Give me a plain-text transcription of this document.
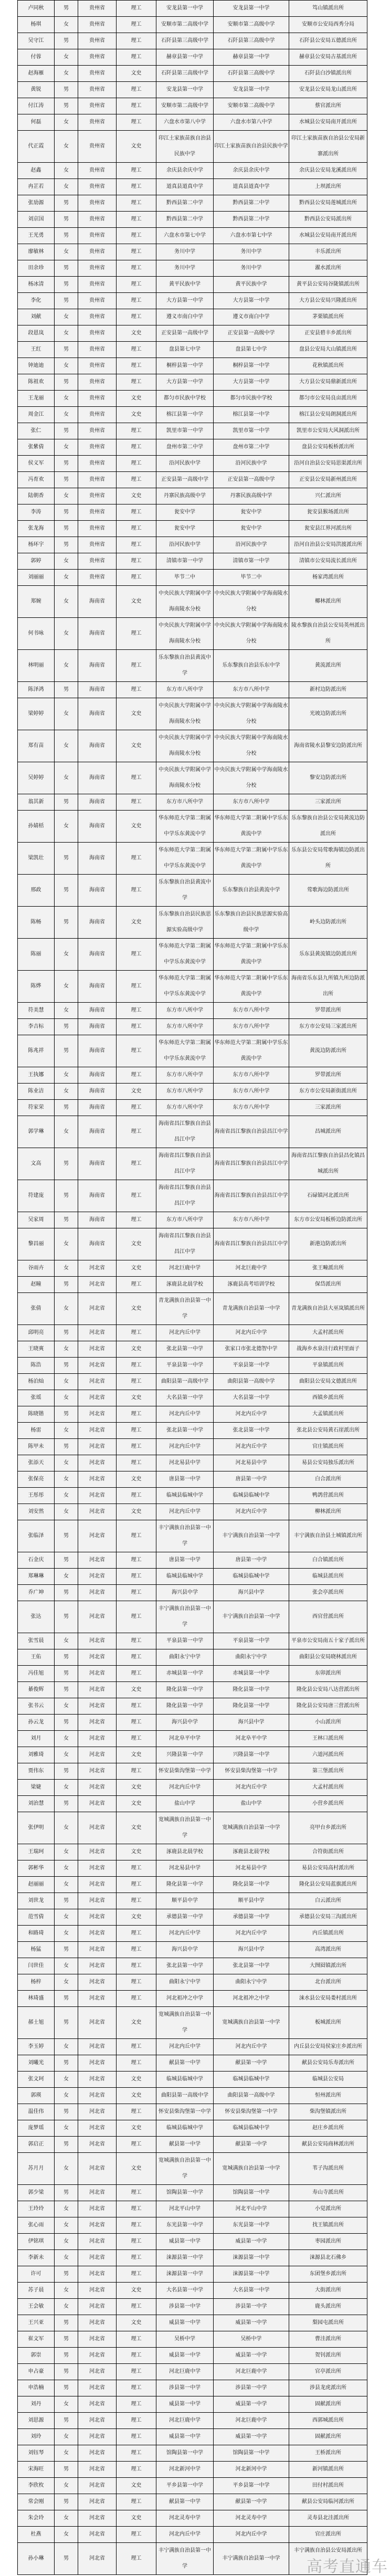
卢同秋	男	贵州省	理工	安龙县第一中学	安龙县第一中学	笃山镇派出所
杨琪	女	贵州省	理工	安顺市第二高级中学	安顺市第二高级中学	安顺市公安局西秀分局
吴守江	男	贵州省	理工	石阡县第三高级中学	石阡县第三高级中学	石阡县公安局五德派出所
付蓉	女	贵州省	理工	赫章县第一中学	赫章县第一中学	赫章县公安局古基派出所
赵海雁	女	贵州省	文史	石阡县第三高级中学	石阡县第三高级中学	石阡县白沙镇派出所
黄锐	男	贵州省	理工	安龙县第一中学	安龙县第一中学	安龙县公安局龙山派出所
付江涛	男	贵州省	理工	安顺市第二高级中学	安顺市第二高级中学	蔡官派出所
何磊	女	贵州省	理工	六盘水市第八中学	六盘水市第八中学	水城县公安局南开派出所
代正霞	女	贵州省	文史	印江土家族苗族自治县民族中学	印江土家族苗族自治县民族中学	印江土家族苗族自治县公安局新寨派出所
赵鑫	女	贵州省	理工	余庆县余庆中学	余庆县余庆中学	余庆县公安局龙溪派出所
冉芷若	女	贵州省	理工	道真县道真中学	道真县道真中学	上坝派出所
张劢源	男	贵州省	理工	黔西县第二中学	黔西县第二中学	黔西县公安局莲城派出所
刘京国	男	贵州省	理工	黔西县第二中学	黔西县第二中学	黔西县公安局派出所
王光勇	男	贵州省	理工	六盘水市第七中学	六盘水市第七中学	水城县公安局南开派出所
廖敏林	女	贵州省	理工	务川中学	务川中学	丰乐派出所
田余珍	男	贵州省	理工	务川中学	务川中学	濯水派出所
杨冰清	男	贵州省	理工	黄平民族中学	黄平民族中学	黄平县公安局谷陇镇派出所
李化	男	贵州省	理工	大方县第一中学	大方县第一中学	大方县公安局兴隆派出所
刘献	女	贵州省	理工	遵义市南白中学	遵义市南白中学	茅栗镇派出所
段恩岚	女	贵州省	文史	正安县第一高级中学	正安县第一高级中学	正安县碧丰乡派出所
王红	男	贵州省	理工	盘县第七中学	盘县第七中学	盘县公安局大山镇派出所
钟迪迪	女	贵州省	理工	桐梓县第一中学	桐梓县第一中学	花秋镇派出所
陈祖欢	男	贵州省	理工	大方县第一中学	大方县第一中学	大方县公安局鼎新派出所
王龙丽	女	贵州省	文史	都匀市民族中学校	都匀市民族中学校	都匀市公安局良亩派出所
周金江	女	贵州省	文史	榕江县第一中学	榕江县第一中学	榕江县公安局朗洞派出所
张仁	男	贵州省	理工	凯里市第一中学	凯里市第一中学	凯里市公安局大风洞派出所
张紫倩	女	贵州省	理工	盘州市第二中学	盘州市第二中学	盘县公安局板桥派出所
侯义军	男	贵州省	理工	沿河民族中学	沿河民族中学	沿河自治县公安局思渠派出所
冯育欢	男	贵州省	理工	正安县第一高级中学	正安县第一高级中学	正安县公安局新州派出所
陆朝香	女	贵州省	文史	丹寨民族高级中学	丹寨民族高级中学	兴仁派出所
李涛	男	贵州省	理工	瓮安中学	瓮安中学	瓮安县猴场派出所
张龙海	男	贵州省	理工	瓮安中学	瓮安中学	瓮安县江界河派出所
杨环宇	男	贵州省	理工	沿河民族中学	沿河民族中学	沿河自治县公安局洪渡派出所
郭婷	女	贵州省	理工	清镇市第一中学	清镇市第一中学	清镇市公安局流长派出所
刘丽丽	女	贵州省	理工	毕节二中	毕节二中	杨家湾派出所
郑婉	女	海南省	文史	中央民族大学附属中学海南陵水分校	中央民族大学附属中学海南陵水分校	椰林派出所
何书咏	女	海南省	理工	中央民族大学附属中学海南陵水分校	中央民族大学附属中学海南陵水分校	陵水黎族自治县公安局英州派出所
林明丽	女	海南省	理工	乐东黎族自治县黄流中学	乐东黎族自治县乐东中学	黄流派出所
陈泽鸿	男	海南省	理工	东方市八所中学	东方市八所中学	新村边防派出所
梁婷婷	女	海南省	文史	中央民族大学附属中学海南陵水分校	中央民族大学附属中学海南陵水分校	光坡边防派出所
郑有苗	女	海南省	文史	中央民族大学附属中学海南陵水分校	中央民族大学附属中学海南陵水分校	海南省陵水县黎安边防派出所
吴婷婷	女	海南省	理工	中央民族大学附属中学海南陵水分校	中央民族大学附属中学海南陵水分校	黎安边防派出所
翁其新	男	海南省	理工	东方市八所中学	东方市八所中学	三家派出所
孙婧栝	女	海南省	文史	华东师范大学第二附属中学乐东黄流中学	华东师范大学第二附属中学乐东黄流中学	乐东黎族自治县公安局黄流边防派出所
梁凯壮	男	海南省	理工	华东师范大学第二附属中学乐东黄流中学	华东师范大学第二附属中学乐东黄流中学	乐东县公安局莺歌海镇边防派出所
邢政	男	海南省	理工	乐东黎族自治县黄流中学	乐东黎族自治县黄流中学	莺歌海边防派出所
陈畅	男	海南省	文史	乐东黎族自治县民族思源实验高级中学	乐东黎族自治县民族思源实验高级中学	岭头边防派出所
陈丽	女	海南省	理工	华东师范大学第二附属中学乐东黄流中学	华东师范大学第二附属中学乐东黄流中学	乐东县黄流镇边防派出所
陈烨	女	海南省	理工	华东师范大学第二附属中学乐东黄流中学	华东师范大学第二附属中学乐东黄流中学	海南省乐东县九所镇九所边防派出所
符美慧	女	海南省	理工	东方市八所中学	东方市八所中学	罗带派出所
李吉标	男	海南省	理工	东方市八所中学	东方市八所中学	东方市公安局三家派出所
陈兆祥	男	海南省	理工	华东师范大学第二附属中学乐东黄流中学	华东师范大学第二附属中学乐东黄流中学	黄流边防派出所
王执娜	女	海南省	理工	东方市八所中学	东方市八所中学	罗带派出所
陈业洁	女	海南省	文史	东方市八所中学	东方市八所中学	东方市公安局新街派出所
符家荣	男	海南省	理工	东方市八所中学	东方市八所中学	三家派出所
郭学琳	女	海南省	理工	海南省昌江黎族自治县昌江中学	海南省昌江黎族自治县昌江中学	昌城派出所
文高	男	海南省	理工	海南省昌江黎族自治县昌江中学	海南省昌江黎族自治县昌江中学	海南省昌江黎族自治县昌化镇昌城派出所
符建庞	男	海南省	理工	海南省昌江黎族自治县昌江中学	海南省昌江黎族自治县昌江中学	石碌镇河北派出所
吴家周	男	海南省	理工	东方市八所中学	东方市八所中学	东方市公安局板桥边防派出所
黎昌丽	女	海南省	文史	海南省昌江黎族自治县昌江中学	海南省昌江黎族自治县昌江中学	新港边防派出所
谷雨卉	女	河北省	文史	河北巨鹿中学	河北巨鹿中学	张王疃派出所
赵瞳	男	河北省	理工	涿鹿县北晨学校	涿鹿县高考培训学校	保岱派出所
张倩	女	河北省	文史	青龙满族自治县第一中学	青龙满族自治县第一中学	青龙满族自治县大巫岚镇派出所
邱明亮	男	河北省	理工	河北内丘中学	河北内丘中学	大孟村派出所
王晓爽	女	河北省	文史	张北县第一中学	张家口市张北德智中学	战海乡水泉洼行政村里面子
陈浩	男	河北省	理工	平泉县第一中学	平泉县第一中学	平泉镇派出所
杨泊灿	女	河北省	理工	曲阳县第一高级中学	曲阳县第一高级中学	曲阳县公安局文德派出所
张瑶	女	河北省	文史	大名县第一中学	大名县第一中学	西镇乡派出所
陈晓锴	男	河北省	理工	河北内丘中学	河北内丘中学	大孟镇派出所
杨雷	女	河北省	理工	张北县第一中学	张北县第一中学	张北县公安局黄石崖派出所
陈甲未	男	河北省	理工	河北内丘中学	河北内丘中学	官庄镇派出所
张添天	女	河北省	理工	河北易县中学	河北易县中学	易县公安局独乐派出所
张保亮	女	河北省	文史	唐县第一中学	唐县第一中学	白合派出所
王彤彤	女	河北省	理工	临城县临城中学	临城县临城中学	鸭鸽营派出所
刘安然	女	河北省	文史	河北内丘中学	河北内丘中学	柳林派出所
张临泽	男	河北省	理工	丰宁满族自治县第一中学	丰宁满族自治县第一中学	丰宁满族自治县土城镇派出所
石金庆	男	河北省	理工	唐县第一中学	唐县第一中学	白合镇派出所
郑琳琳	女	河北省	理工	临城县临城中学	临城县临城中学	临城县派出所
乔广坤	男	河北省	理工	海兴县中学	海兴县中学	张会亭派出所
张达	男	河北省	理工	丰宁满族自治县第一中学	丰宁满族自治县第一中学	西官营派出所
张雪晨	女	河北省	理工	平泉县第一中学	平泉县第一中学	平泉市公安局南五十家子派出所
王佑	男	河北省	理工	曲阳永宁中学	曲阳永宁中学	曲阳县公安局晓林派出所
冯佳旭	男	河北省	理工	赤城县第一中学	赤城县第一中学	东卯派出所
綦俊辉	男	河北省	文史	隆化县第一中学	隆化县第一中学	隆化县公安局八达营派出所
张书云	女	河北省	理工	隆化县第一中学	隆化县第一中学	隆化县公安局唐三营派出所
孙云龙	男	河北省	理工	海兴县中学	海兴县中学	小山派出所
刘月	女	河北省	理工	河北阜平中学	河北阜平中学	王林口派出所
刘雅琦	女	河北省	文史	兴隆县第一中学	兴隆县第一中学	六道河派出所
贾伟东	男	河北省	理工	怀安县柴沟堡第一中学	怀安县柴沟堡第一中学	第三堡派出所
梁婕	女	河北省	文史	河北内丘中学	河北内丘中学	大孟村派出所
刘治慧	男	河北省	文史	盐山中学	盐山中学	小营乡派出所
张伊明	女	河北省	文史	宽城满族自治县第一中学	宽城满族自治县第一中学	亮甲台乡派出所
王瑞珂	女	河北省	文史	涿鹿县北晨学校	涿鹿县北晨学校	合符街派出所
郭彬华	女	河北省	理工	河北易县中学	河北易县中学	易县公安局高村派出所
赵丽丽	女	河北省	理工	隆化县第一中学	隆化县第一中学	隆化县公安局蓝旗派出所
刘世龙	男	河北省	理工	顺平县中学	顺平县中学	白云派出所
范雪倩	女	河北省	文史	承德县第一中学	承德县第一中学	承德县公安局三沟派出所
和路琦	女	河北省	理工	河北内丘中学	河北内丘中学	内丘镇派出所
杨猛	男	河北省	理工	海兴县中学	海兴县中学	高湾派出所
闫世佳	女	河北省	理工	张北县第一中学	张北县第一中学	大囫囵镇派出所
杨梓	女	河北省	理工	曲阳永宁中学	曲阳永宁中学	北台派出所
林琦盛	男	河北省	理工	河北祖冲之中学	河北祖冲之中学	涞水县公安局娄村派出所
郝士旭	男	河北省	文史	宽城满族自治县第一中学	宽城满族自治县第一中学	板城派出所
李玉婷	女	河北省	理工	河北内丘中学	河北内丘中学	内丘县公安局侯家庄乡派出所
刘曦光	男	河北省	理工	献县第一中学	献县第一中学	献县公安局乐寿派出所
张文珂	女	河北省	文史	临城县临城中学	临城县临城中学	临城县公安局
郭瑛	女	河北省	文史	曲阳县第一高级中学	曲阳县第一高级中学	恒州派出所
温佳伟	男	河北省	理工	怀安县柴沟堡第一中学	怀安县柴沟堡第一中学	柴沟堡镇派出所
庞梦瑶	女	河北省	文史	临城县临城中学	临城县临城中学	赵庄乡派出所
郭启正	男	河北省	理工	献县第一中学	献县第一中学	献县公安局商林派出所
苏月月	女	河北省	文史	宽城满族自治县第一中学	宽城满族自治县第一中学	苇子沟派出所
郭少梁	男	河北省	理工	馆陶县第一中学	馆陶县第一中学	寿山寺派出所
王玲玲	女	河北省	理工	河北平山中学	河北平山中学	小觉派出所
张心雨	女	河北省	理工	东光县第一中学	东光县第一中学	找王镇派出所
伊铭琪	女	河北省	理工	威县第一中学	威县第一中学	枣园派出所
李新未	女	河北省	理工	涞源县第一中学	涞源县第一中学	涞源县北石佛乡
许可	男	河北省	理工	涞源县第一中学	涞源县第一中学	东团堡乡派出所
苏子晨	女	河北省	文史	大名县第一中学	大名县第一中学	大街派出所
王会敏	女	河北省	理工	涉县第一中学	涉县第一中学	鹿头派出所
王兴亚	男	河北省	文史	威县第一中学	威县第一中学	梨园屯派出所
崔文军	男	河北省	理工	吴桥中学	吴桥中学	曹洼派出所
郭崇	男	河北省	理工	威县第一中学	威县第一中学	贺钊派出所
申占豪	男	河北省	理工	河北巨鹿中学	河北巨鹿中学	官亭派出所
申浩楠	男	河北省	理工	涉县第一中学	涉县第一中学	涉县龙虎派出所
刘丹	女	河北省	理工	威县第一中学	威县第一中学	固献派出所
刘思源	男	河北省	理工	河北巨鹿中学	河北巨鹿中学	西郭城派出所
刘玲	女	河北省	理工	威县第一中学	威县第一中学	固献派出所
刘钰琴	女	河北省	理工	馆陶县第一中学	馆陶县第一中学	王桥派出所
宋海旺	男	河北省	理工	河北新河中学	河北新河中学	新河镇派出所
李欣枚	女	河北省	文史	平乡县第一中学	平乡县第一中学	田付村派出所
常会刚	男	河北省	理工	献县第一中学	献县第一中学	献县公安局临河派出所
朱会玲	女	河北省	文史	河北灵寿中学	河北灵寿中学	灵寿县北洼派出所
杜燕	女	河北省	理工	河北内丘中学	河北内丘中学	官庄派出所
孙小琳	男	河北省	理工	丰宁满族自治县第一中学	丰宁满族自治县第一中学	丰宁满族自治县公安局派出所
高考直通车
